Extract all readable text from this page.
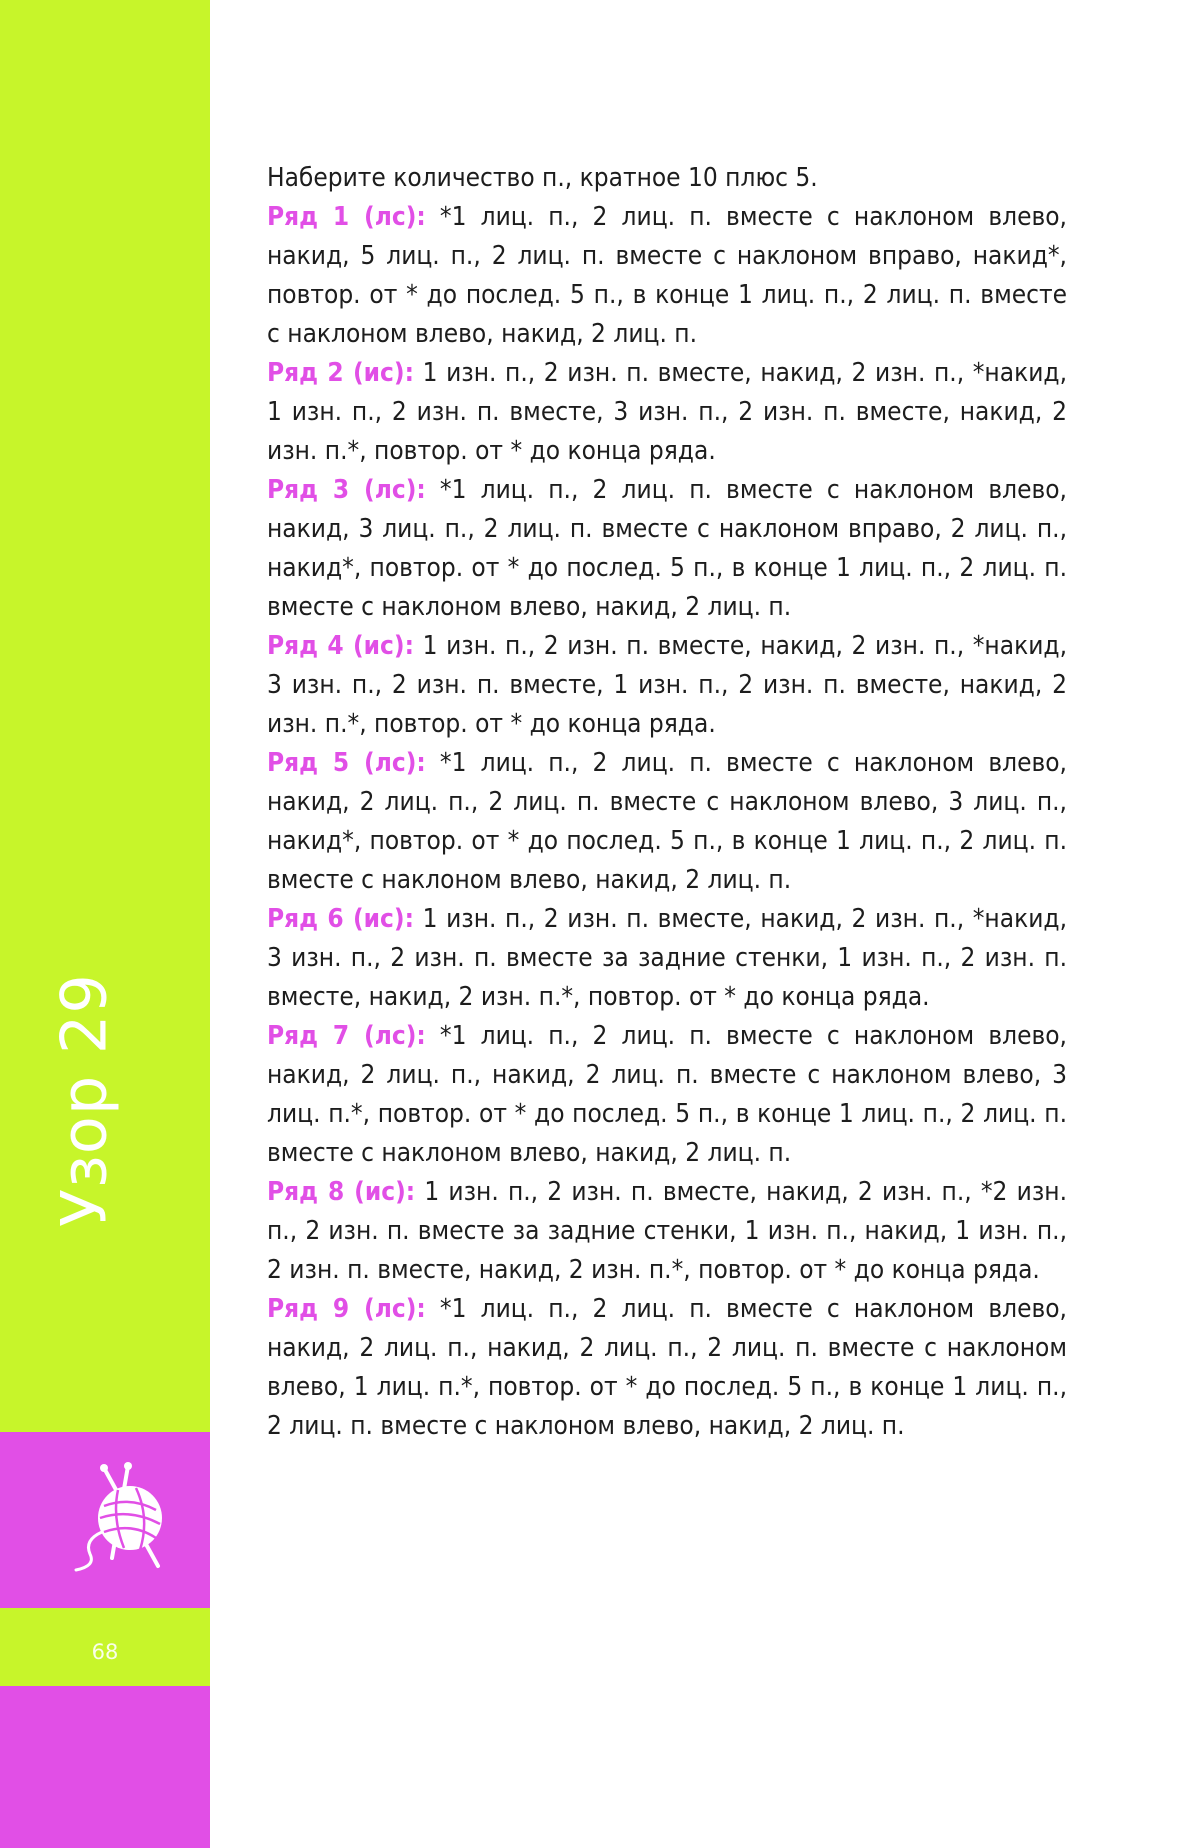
Узор 29
68

Наберите количество п., кратное 10 плюс 5.

Ряд 1 (лс): *1 лиц. п., 2 лиц. п. вместе с наклоном влево, накид, 5 лиц. п., 2 лиц. п. вместе с наклоном вправо, накид*, повтор. от * до послед. 5 п., в конце 1 лиц. п., 2 лиц. п. вместе с наклоном влево, накид, 2 лиц. п.

Ряд 2 (ис): 1 изн. п., 2 изн. п. вместе, накид, 2 изн. п., *накид, 1 изн. п., 2 изн. п. вместе, 3 изн. п., 2 изн. п. вместе, накид, 2 изн. п.*, повтор. от * до конца ряда.

Ряд 3 (лс): *1 лиц. п., 2 лиц. п. вместе с наклоном влево, накид, 3 лиц. п., 2 лиц. п. вместе с наклоном вправо, 2 лиц. п., накид*, повтор. от * до послед. 5 п., в конце 1 лиц. п., 2 лиц. п. вместе с наклоном влево, накид, 2 лиц. п.

Ряд 4 (ис): 1 изн. п., 2 изн. п. вместе, накид, 2 изн. п., *накид, 3 изн. п., 2 изн. п. вместе, 1 изн. п., 2 изн. п. вместе, накид, 2 изн. п.*, повтор. от * до конца ряда.

Ряд 5 (лс): *1 лиц. п., 2 лиц. п. вместе с наклоном влево, накид, 2 лиц. п., 2 лиц. п. вместе с наклоном влево, 3 лиц. п., накид*, повтор. от * до послед. 5 п., в конце 1 лиц. п., 2 лиц. п. вместе с наклоном влево, накид, 2 лиц. п.

Ряд 6 (ис): 1 изн. п., 2 изн. п. вместе, накид, 2 изн. п., *накид, 3 изн. п., 2 изн. п. вместе за задние стенки, 1 изн. п., 2 изн. п. вместе, накид, 2 изн. п.*, повтор. от * до конца ряда.

Ряд 7 (лс): *1 лиц. п., 2 лиц. п. вместе с наклоном влево, накид, 2 лиц. п., накид, 2 лиц. п. вместе с наклоном влево, 3 лиц. п.*, повтор. от * до послед. 5 п., в конце 1 лиц. п., 2 лиц. п. вместе с наклоном влево, накид, 2 лиц. п.

Ряд 8 (ис): 1 изн. п., 2 изн. п. вместе, накид, 2 изн. п., *2 изн. п., 2 изн. п. вместе за задние стенки, 1 изн. п., накид, 1 изн. п., 2 изн. п. вместе, накид, 2 изн. п.*, повтор. от * до конца ряда.

Ряд 9 (лс): *1 лиц. п., 2 лиц. п. вместе с наклоном влево, накид, 2 лиц. п., накид, 2 лиц. п., 2 лиц. п. вместе с наклоном влево, 1 лиц. п.*, повтор. от * до послед. 5 п., в конце 1 лиц. п., 2 лиц. п. вместе с наклоном влево, накид, 2 лиц. п.
